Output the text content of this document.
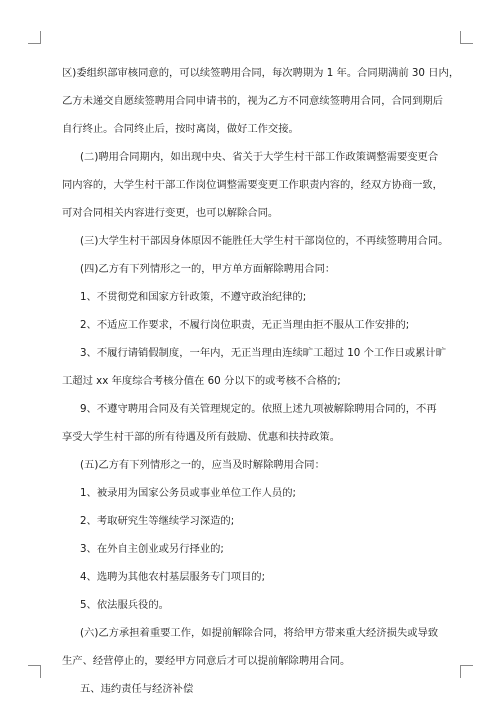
区)委组织部审核同意的，可以续签聘用合同，每次聘期为 1 年。合同期满前 30 日内，
乙方未递交自愿续签聘用合同申请书的，视为乙方不同意续签聘用合同，合同到期后
自行终止。合同终止后，按时离岗，做好工作交接。
(二)聘用合同期内，如出现中央、省关于大学生村干部工作政策调整需要变更合
同内容的，大学生村干部工作岗位调整需要变更工作职责内容的，经双方协商一致，
可对合同相关内容进行变更，也可以解除合同。
(三)大学生村干部因身体原因不能胜任大学生村干部岗位的，不再续签聘用合同。
(四)乙方有下列情形之一的，甲方单方面解除聘用合同：
1、不贯彻党和国家方针政策，不遵守政治纪律的;
2、不适应工作要求，不履行岗位职责，无正当理由拒不服从工作安排的;
3、不履行请销假制度，一年内，无正当理由连续旷工超过 10 个工作日或累计旷
工超过 xx 年度综合考核分值在 60 分以下的或考核不合格的;
9、不遵守聘用合同及有关管理规定的。依照上述九项被解除聘用合同的，不再
享受大学生村干部的所有待遇及所有鼓励、优惠和扶持政策。
(五)乙方有下列情形之一的，应当及时解除聘用合同：
1、被录用为国家公务员或事业单位工作人员的;
2、考取研究生等继续学习深造的;
3、在外自主创业或另行择业的;
4、选聘为其他农村基层服务专门项目的;
5、依法服兵役的。
(六)乙方承担着重要工作，如提前解除合同，将给甲方带来重大经济损失或导致
生产、经营停止的，要经甲方同意后才可以提前解除聘用合同。
五、违约责任与经济补偿
